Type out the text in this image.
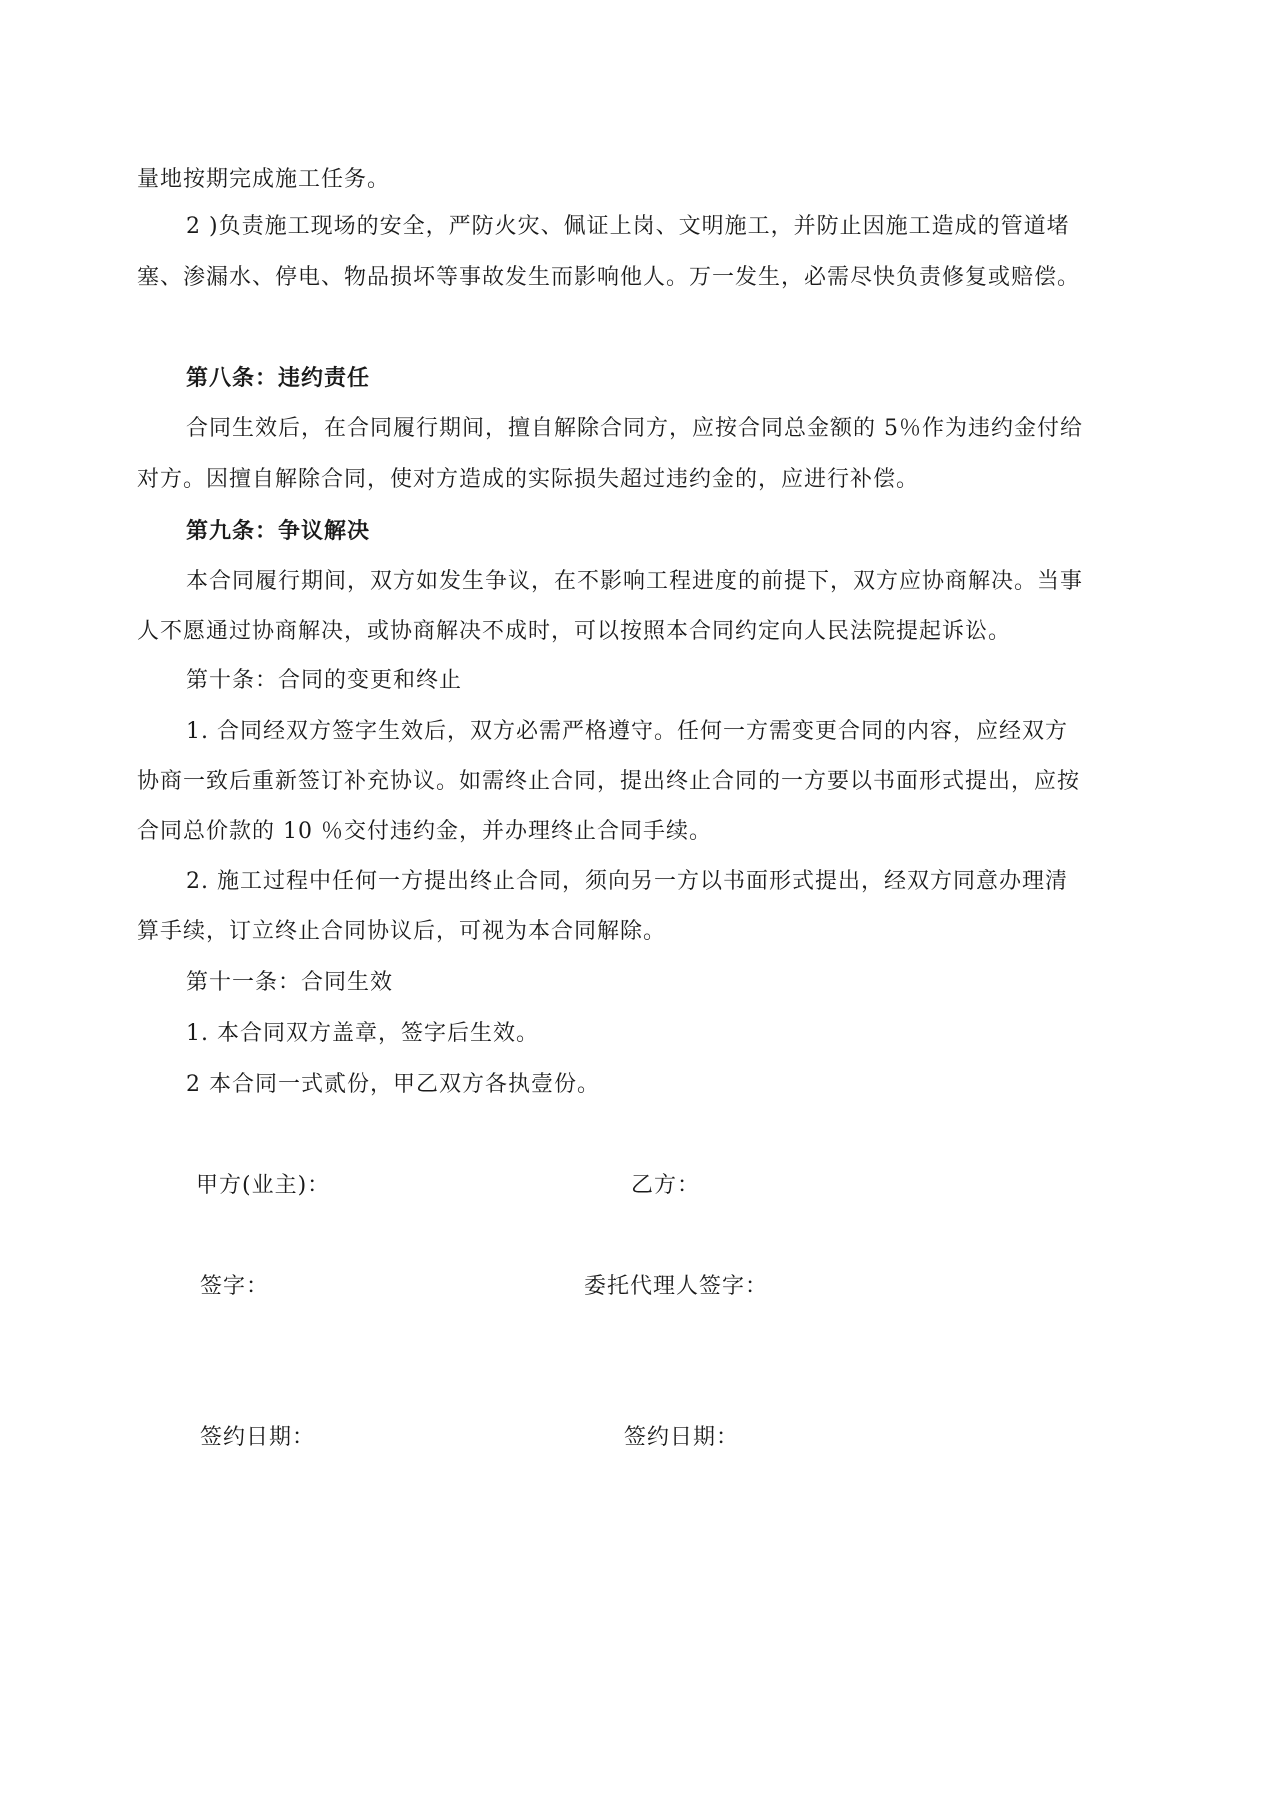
量地按期完成施工任务。
2 )负责施工现场的安全，严防火灾、佩证上岗、文明施工，并防止因施工造成的管道堵
塞、渗漏水、停电、物品损坏等事故发生而影响他人。万一发生，必需尽快负责修复或赔偿。
第八条：违约责任
合同生效后，在合同履行期间，擅自解除合同方，应按合同总金额的 5％作为违约金付给
对方。因擅自解除合同，使对方造成的实际损失超过违约金的，应进行补偿。
第九条：争议解决
本合同履行期间，双方如发生争议，在不影响工程进度的前提下，双方应协商解决。当事
人不愿通过协商解决，或协商解决不成时，可以按照本合同约定向人民法院提起诉讼。
第十条：合同的变更和终止
1. 合同经双方签字生效后，双方必需严格遵守。任何一方需变更合同的内容，应经双方
协商一致后重新签订补充协议。如需终止合同，提出终止合同的一方要以书面形式提出，应按
合同总价款的 10 ％交付违约金，并办理终止合同手续。
2. 施工过程中任何一方提出终止合同，须向另一方以书面形式提出，经双方同意办理清
算手续，订立终止合同协议后，可视为本合同解除。
第十一条：合同生效
1. 本合同双方盖章，签字后生效。
2 本合同一式贰份，甲乙双方各执壹份。
甲方(业主)：	乙方：
签字：	委托代理人签字：
签约日期：	签约日期：
